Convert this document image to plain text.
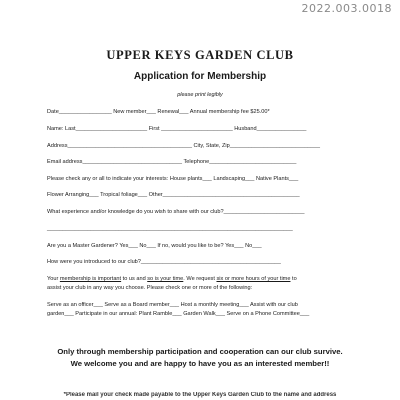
2022.003.0018
UPPER KEYS GARDEN CLUB
Application for Membership
please print legibly
Date_________________ New member___ Renewal___ Annual membership fee $25.00*
Name: Last_______________________ First _______________________ Husband________________
Address________________________________________ City, State, Zip_____________________________
Email address________________________________ Telephone____________________________
Please check any or all to indicate your interests: House plants___ Landscaping___ Native Plants___
Flower Arranging___ Tropical foliage___ Other____________________________________________
What experience and/or knowledge do you wish to share with our club?__________________________
_______________________________________________________________________________
Are you a Master Gardener? Yes___ No___ If no, would you like to be? Yes___ No___
How were you introduced to our club?_____________________________________________
Your membership is important to us and so is your time. We request six or more hours of your time to
assist your club in any way you choose. Please check one or more of the following:
Serve as an officer___ Serve as a Board member___ Host a monthly meeting___ Assist with our club
garden___ Participate in our annual: Plant Ramble___ Garden Walk___ Serve on a Phone Committee___
Only through membership participation and cooperation can our club survive.
We welcome you and are happy to have you as an interested member!!
*Please mail your check made payable to the Upper Keys Garden Club to the name and address
